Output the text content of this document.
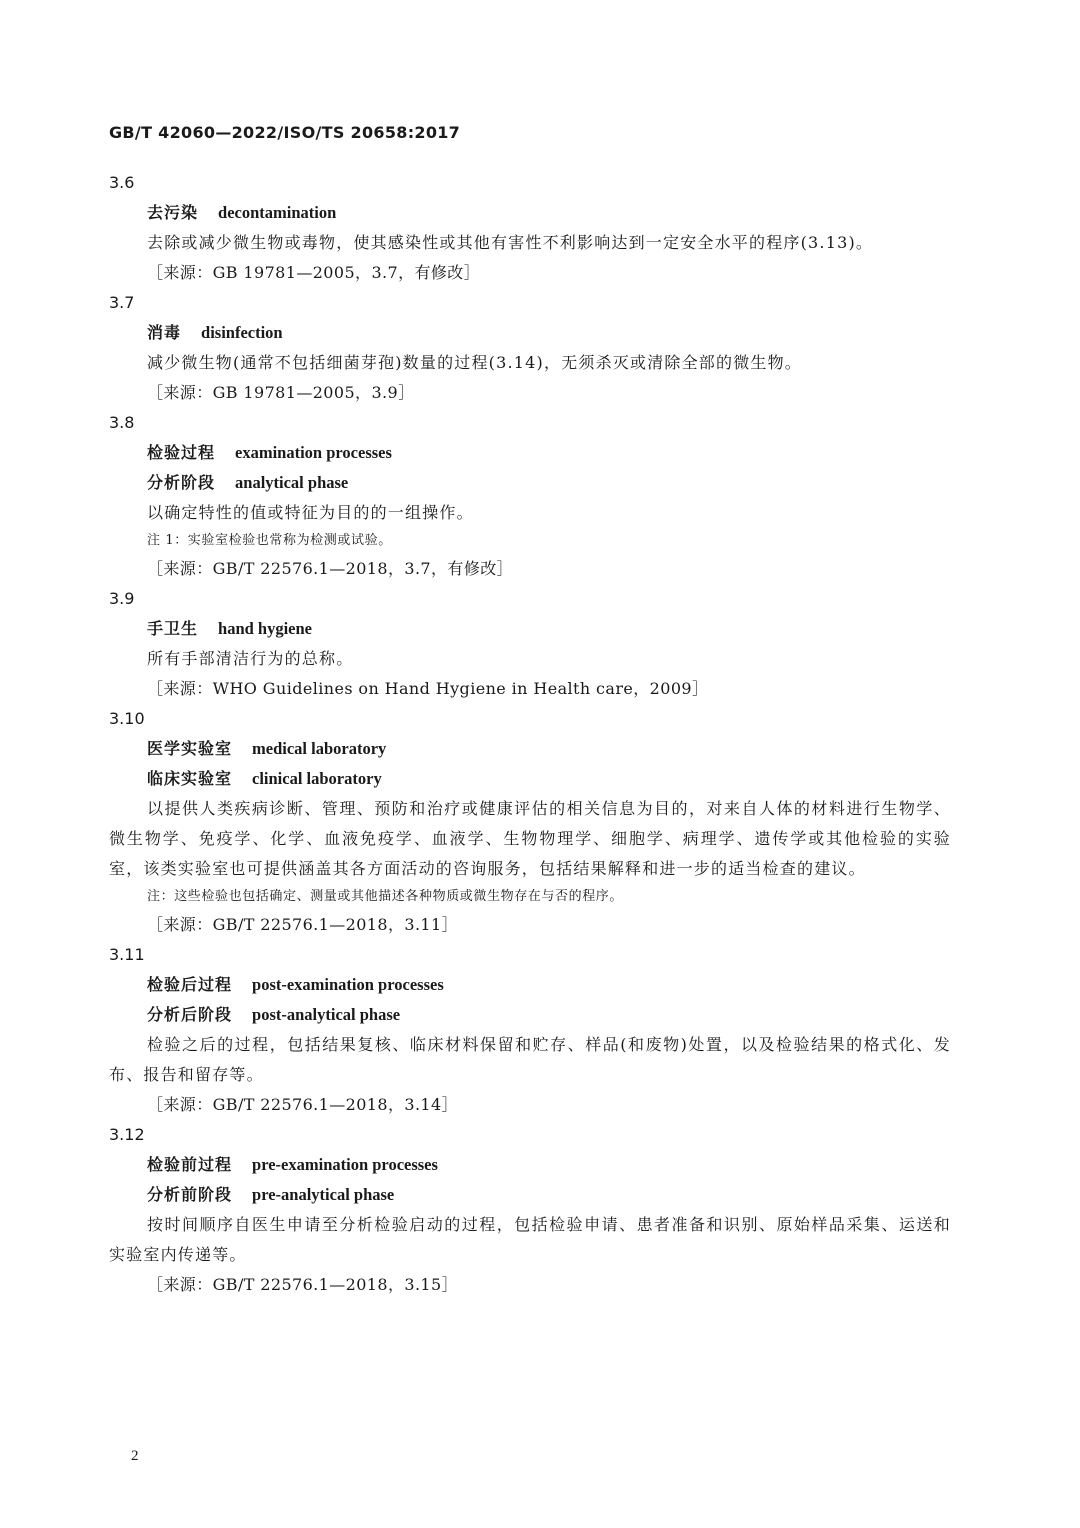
GB/T 42060—2022/ISO/TS 20658:2017
3.6
去污染 decontamination
去除或减少微生物或毒物，使其感染性或其他有害性不利影响达到一定安全水平的程序(3.13)。
［来源：GB 19781—2005，3.7，有修改］
3.7
消毒 disinfection
减少微生物(通常不包括细菌芽孢)数量的过程(3.14)，无须杀灭或清除全部的微生物。
［来源：GB 19781—2005，3.9］
3.8
检验过程 examination processes
分析阶段 analytical phase
以确定特性的值或特征为目的的一组操作。
注 1：实验室检验也常称为检测或试验。
［来源：GB/T 22576.1—2018，3.7，有修改］
3.9
手卫生 hand hygiene
所有手部清洁行为的总称。
［来源：WHO Guidelines on Hand Hygiene in Health care，2009］
3.10
医学实验室 medical laboratory
临床实验室 clinical laboratory
以提供人类疾病诊断、管理、预防和治疗或健康评估的相关信息为目的，对来自人体的材料进行生物学、微生物学、免疫学、化学、血液免疫学、血液学、生物物理学、细胞学、病理学、遗传学或其他检验的实验室，该类实验室也可提供涵盖其各方面活动的咨询服务，包括结果解释和进一步的适当检查的建议。
注：这些检验也包括确定、测量或其他描述各种物质或微生物存在与否的程序。
［来源：GB/T 22576.1—2018，3.11］
3.11
检验后过程 post-examination processes
分析后阶段 post-analytical phase
检验之后的过程，包括结果复核、临床材料保留和贮存、样品(和废物)处置，以及检验结果的格式化、发布、报告和留存等。
［来源：GB/T 22576.1—2018，3.14］
3.12
检验前过程 pre-examination processes
分析前阶段 pre-analytical phase
按时间顺序自医生申请至分析检验启动的过程，包括检验申请、患者准备和识别、原始样品采集、运送和实验室内传递等。
［来源：GB/T 22576.1—2018，3.15］
2
